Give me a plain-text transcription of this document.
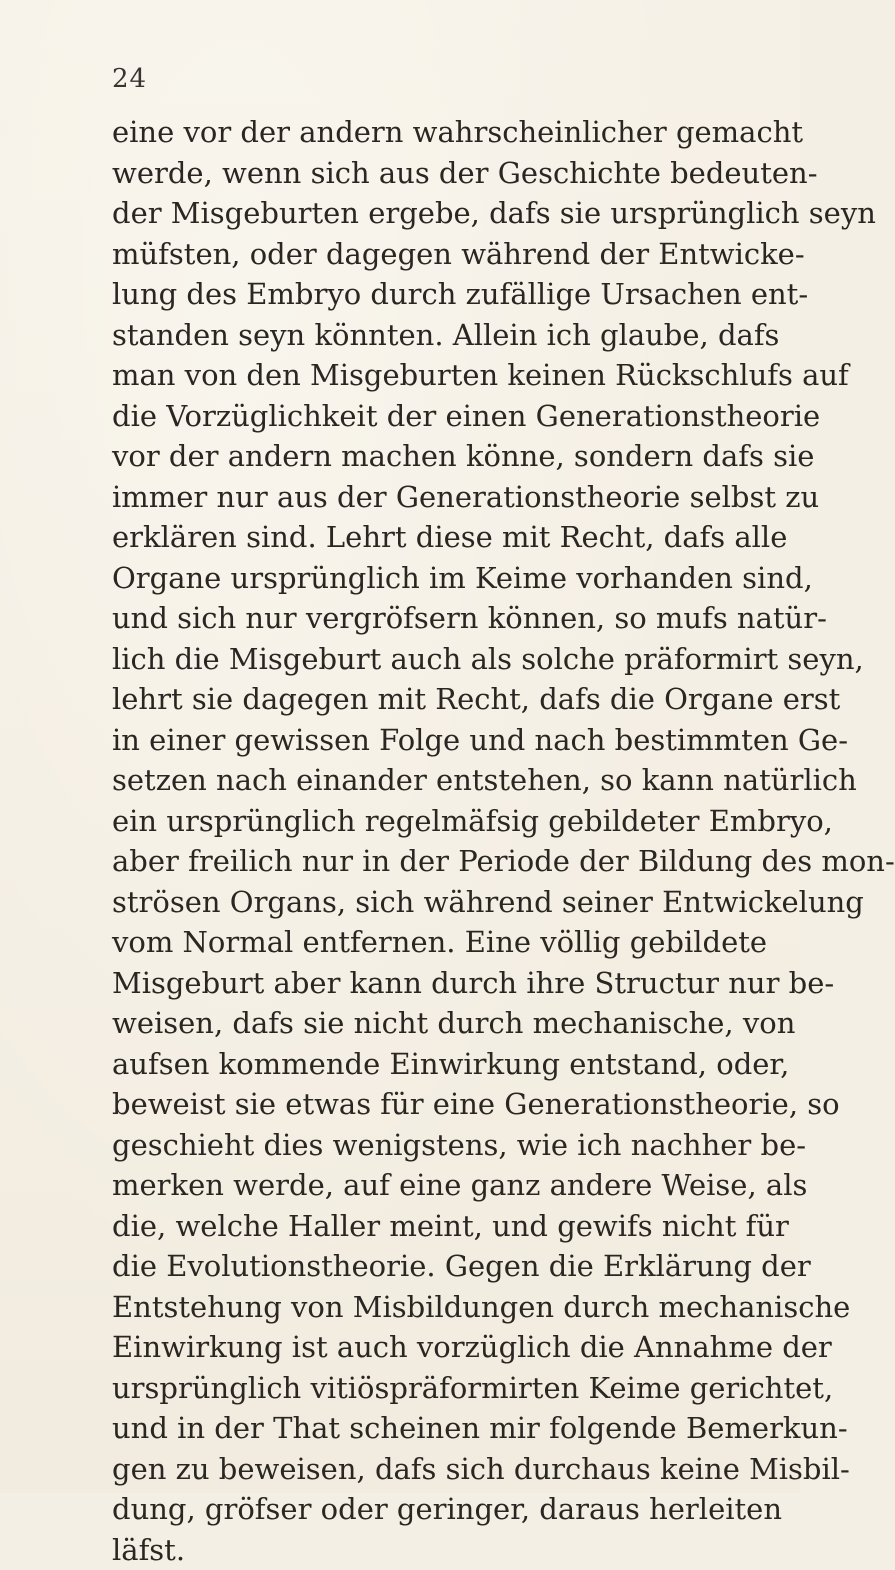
24
eine vor der andern wahrscheinlicher gemacht
werde, wenn sich aus der Geschichte bedeuten-
der Misgeburten ergebe, dafs sie ursprünglich seyn
müfsten, oder dagegen während der Entwicke-
lung des Embryo durch zufällige Ursachen ent-
standen seyn könnten. Allein ich glaube, dafs
man von den Misgeburten keinen Rückschlufs auf
die Vorzüglichkeit der einen Generationstheorie
vor der andern machen könne, sondern dafs sie
immer nur aus der Generationstheorie selbst zu
erklären sind. Lehrt diese mit Recht, dafs alle
Organe ursprünglich im Keime vorhanden sind,
und sich nur vergröfsern können, so mufs natür-
lich die Misgeburt auch als solche präformirt seyn,
lehrt sie dagegen mit Recht, dafs die Organe erst
in einer gewissen Folge und nach bestimmten Ge-
setzen nach einander entstehen, so kann natürlich
ein ursprünglich regelmäfsig gebildeter Embryo,
aber freilich nur in der Periode der Bildung des mon-
strösen Organs, sich während seiner Entwickelung
vom Normal entfernen. Eine völlig gebildete
Misgeburt aber kann durch ihre Structur nur be-
weisen, dafs sie nicht durch mechanische, von
aufsen kommende Einwirkung entstand, oder,
beweist sie etwas für eine Generationstheorie, so
geschieht dies wenigstens, wie ich nachher be-
merken werde, auf eine ganz andere Weise, als
die, welche Haller meint, und gewifs nicht für
die Evolutionstheorie. Gegen die Erklärung der
Entstehung von Misbildungen durch mechanische
Einwirkung ist auch vorzüglich die Annahme der
ursprünglich vitiöspräformirten Keime gerichtet,
und in der That scheinen mir folgende Bemerkun-
gen zu beweisen, dafs sich durchaus keine Misbil-
dung, gröfser oder geringer, daraus herleiten
läfst.
